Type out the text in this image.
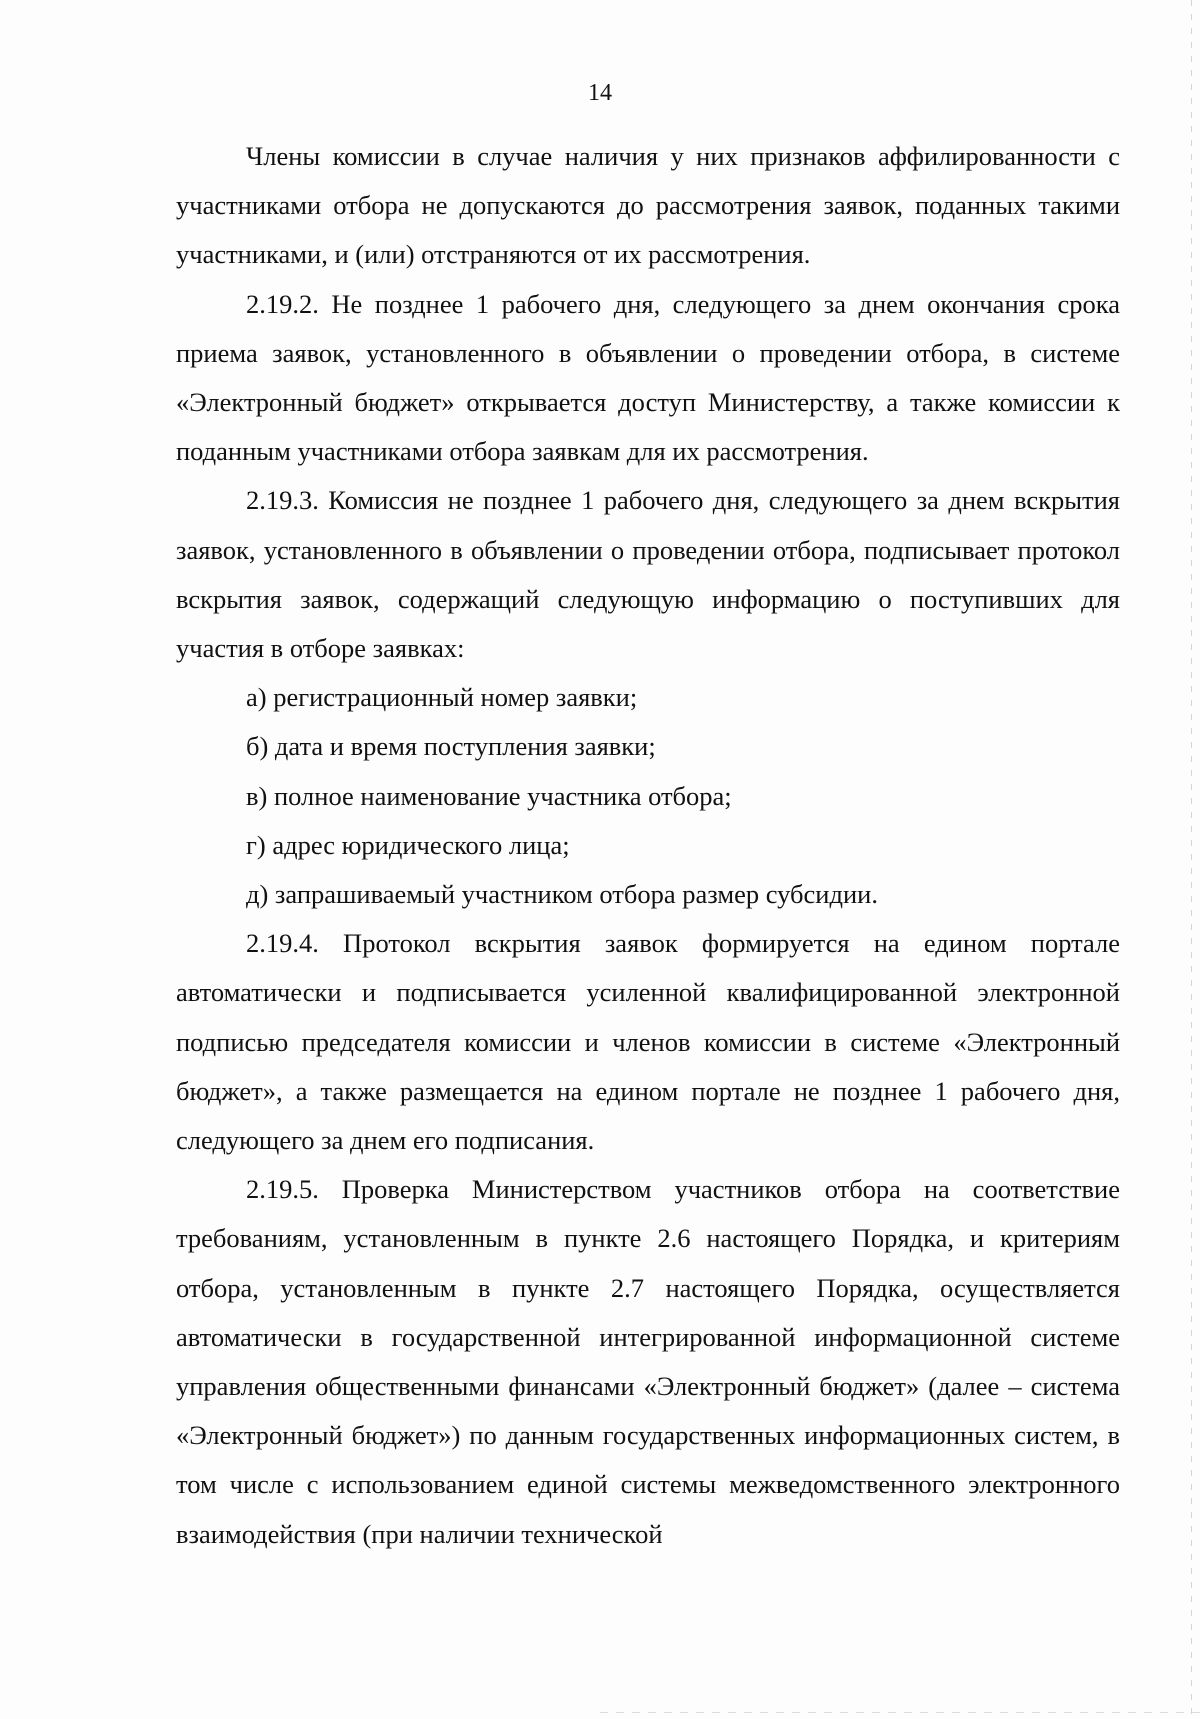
14

Члены комиссии в случае наличия у них признаков аффилированности с участниками отбора не допускаются до рассмотрения заявок, поданных такими участниками, и (или) отстраняются от их рассмотрения.

2.19.2. Не позднее 1 рабочего дня, следующего за днем окончания срока приема заявок, установленного в объявлении о проведении отбора, в системе «Электронный бюджет» открывается доступ Министерству, а также комиссии к поданным участниками отбора заявкам для их рассмотрения.

2.19.3. Комиссия не позднее 1 рабочего дня, следующего за днем вскрытия заявок, установленного в объявлении о проведении отбора, подписывает протокол вскрытия заявок, содержащий следующую информацию о поступивших для участия в отборе заявках:

а) регистрационный номер заявки;

б) дата и время поступления заявки;

в) полное наименование участника отбора;

г) адрес юридического лица;

д) запрашиваемый участником отбора размер субсидии.

2.19.4. Протокол вскрытия заявок формируется на едином портале автоматически и подписывается усиленной квалифицированной электронной подписью председателя комиссии и членов комиссии в системе «Электронный бюджет», а также размещается на едином портале не позднее 1 рабочего дня, следующего за днем его подписания.

2.19.5. Проверка Министерством участников отбора на соответствие требованиям, установленным в пункте 2.6 настоящего Порядка, и критериям отбора, установленным в пункте 2.7 настоящего Порядка, осуществляется автоматически в государственной интегрированной информационной системе управления общественными финансами «Электронный бюджет» (далее – система «Электронный бюджет») по данным государственных информационных систем, в том числе с использованием единой системы межведомственного электронного взаимодействия (при наличии технической
